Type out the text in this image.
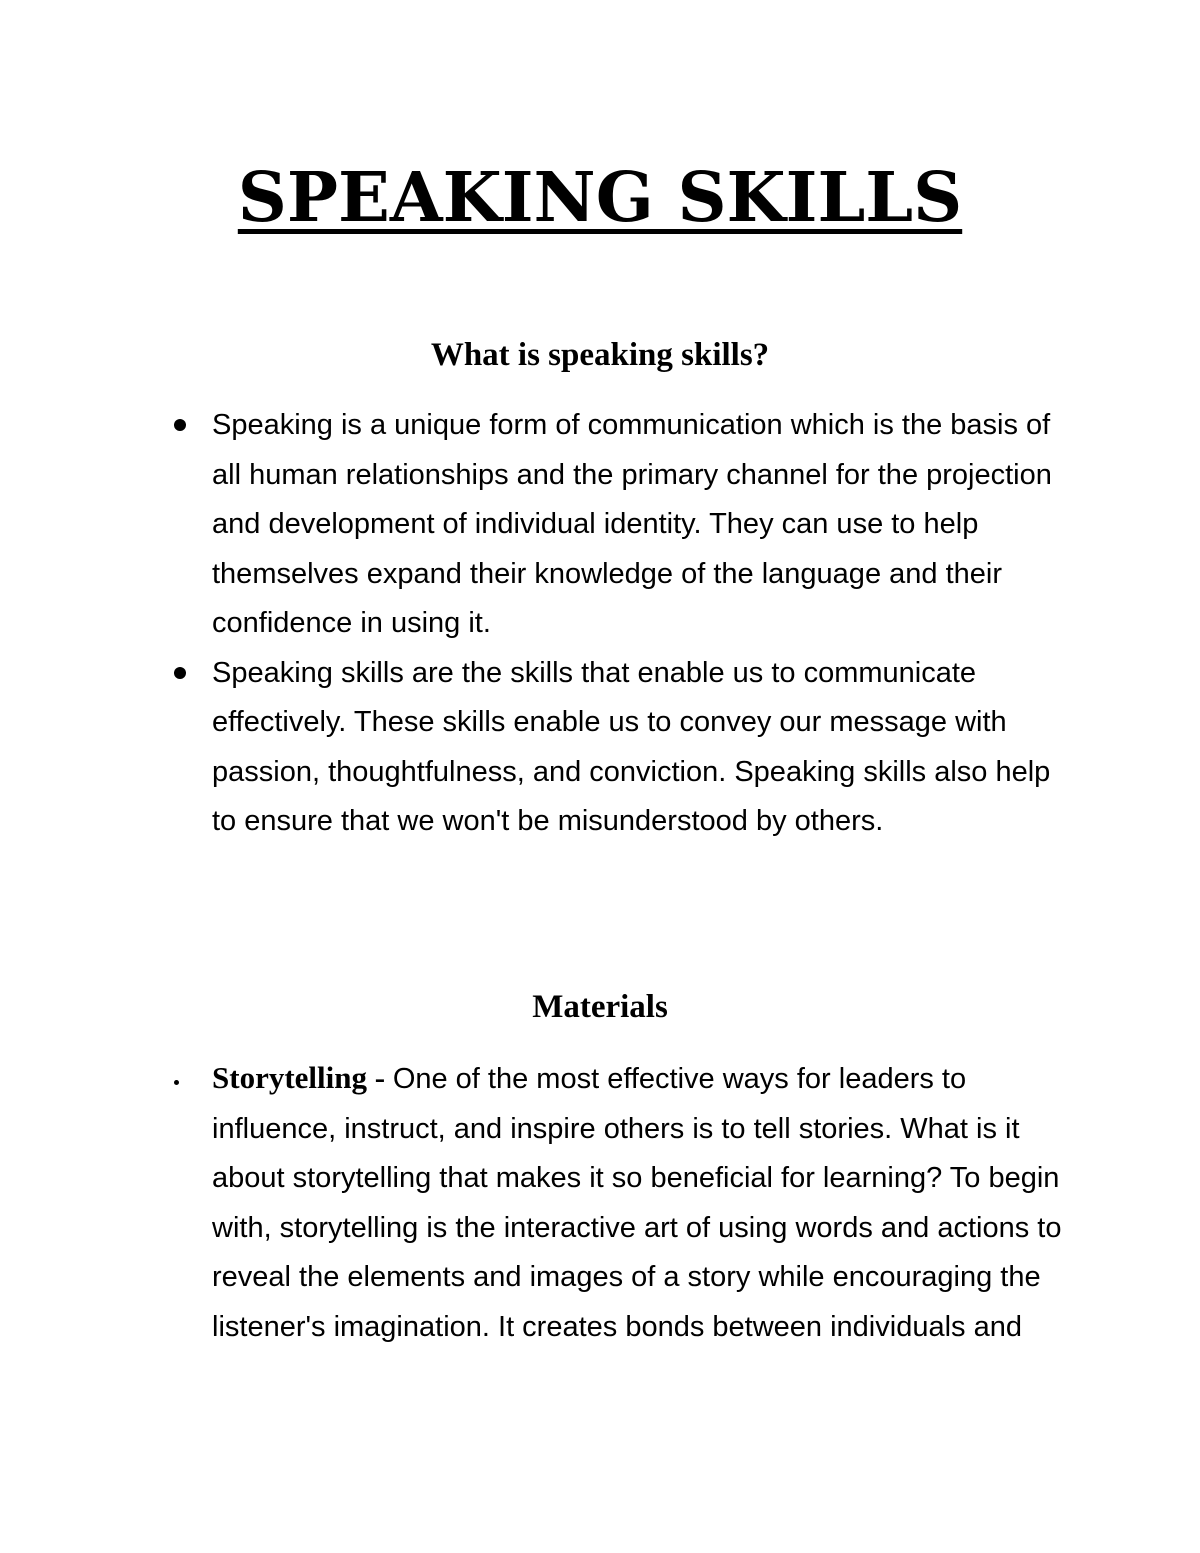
SPEAKING SKILLS
What is speaking skills?
Speaking is a unique form of communication which is the basis of all human relationships and the primary channel for the projection and development of individual identity. They can use to help themselves expand their knowledge of the language and their confidence in using it.
Speaking skills are the skills that enable us to communicate effectively. These skills enable us to convey our message with passion, thoughtfulness, and conviction. Speaking skills also help to ensure that we won't be misunderstood by others.
Materials
Storytelling - One of the most effective ways for leaders to influence, instruct, and inspire others is to tell stories. What is it about storytelling that makes it so beneficial for learning? To begin with, storytelling is the interactive art of using words and actions to reveal the elements and images of a story while encouraging the listener's imagination. It creates bonds between individuals and
